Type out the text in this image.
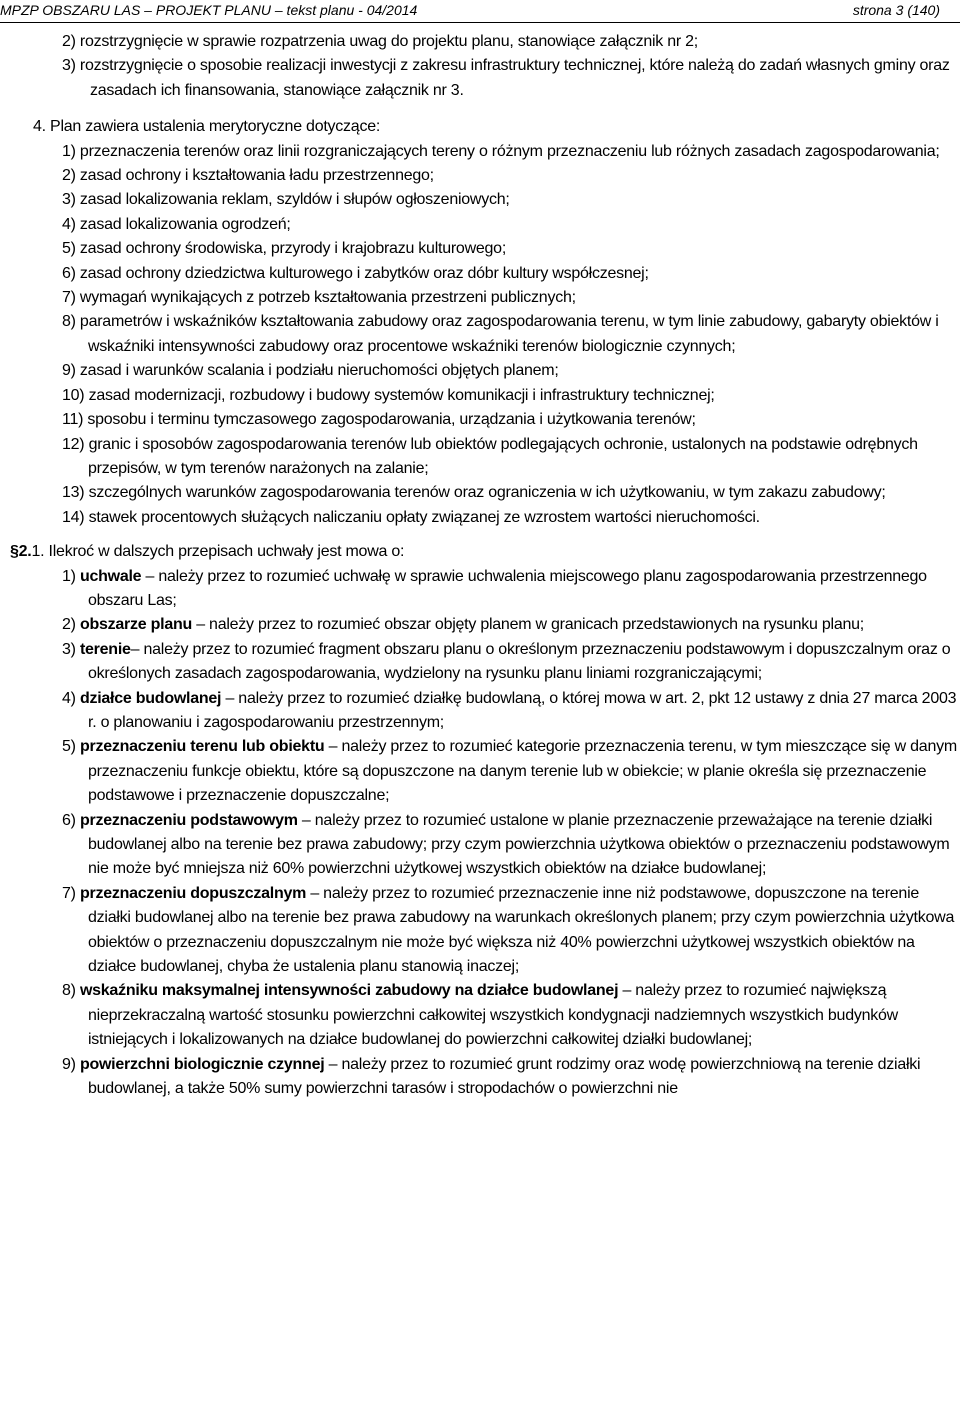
MPZP OBSZARU LAS – PROJEKT PLANU – tekst planu - 04/2014	strona 3 (140)

2) rozstrzygnięcie w sprawie rozpatrzenia uwag do projektu planu, stanowiące załącznik nr 2;

3) rozstrzygnięcie o sposobie realizacji inwestycji z zakresu infrastruktury technicznej, które należą do zadań własnych gminy oraz zasadach ich finansowania, stanowiące załącznik nr 3.

4. Plan zawiera ustalenia merytoryczne dotyczące:

1) przeznaczenia terenów oraz linii rozgraniczających tereny o różnym przeznaczeniu lub różnych zasadach zagospodarowania;

2) zasad ochrony i kształtowania ładu przestrzennego;

3) zasad lokalizowania reklam, szyldów i słupów ogłoszeniowych;

4) zasad lokalizowania ogrodzeń;

5) zasad ochrony środowiska, przyrody i krajobrazu kulturowego;

6) zasad ochrony dziedzictwa kulturowego i zabytków oraz dóbr kultury współczesnej;

7) wymagań wynikających z potrzeb kształtowania przestrzeni publicznych;

8) parametrów i wskaźników kształtowania zabudowy oraz zagospodarowania terenu, w tym linie zabudowy, gabaryty obiektów i wskaźniki intensywności zabudowy oraz procentowe wskaźniki terenów biologicznie czynnych;

9) zasad i warunków scalania i podziału nieruchomości objętych planem;

10) zasad modernizacji, rozbudowy i budowy systemów komunikacji i infrastruktury technicznej;

11) sposobu i terminu tymczasowego zagospodarowania, urządzania i użytkowania terenów;

12) granic i sposobów zagospodarowania terenów lub obiektów podlegających ochronie, ustalonych na podstawie odrębnych przepisów, w tym terenów narażonych na zalanie;

13) szczególnych warunków zagospodarowania terenów oraz ograniczenia w ich użytkowaniu, w tym zakazu zabudowy;

14) stawek procentowych służących naliczaniu opłaty związanej ze wzrostem wartości nieruchomości.

§2.1. Ilekroć w dalszych przepisach uchwały jest mowa o:

1) uchwale – należy przez to rozumieć uchwałę w sprawie uchwalenia miejscowego planu zagospodarowania przestrzennego obszaru Las;

2) obszarze planu – należy przez to rozumieć obszar objęty planem w granicach przedstawionych na rysunku planu;

3) terenie– należy przez to rozumieć fragment obszaru planu o określonym przeznaczeniu podstawowym i dopuszczalnym oraz o określonych zasadach zagospodarowania, wydzielony na rysunku planu liniami rozgraniczającymi;

4) działce budowlanej – należy przez to rozumieć działkę budowlaną, o której mowa w art. 2, pkt 12 ustawy z dnia 27 marca 2003 r. o planowaniu i zagospodarowaniu przestrzennym;

5) przeznaczeniu terenu lub obiektu – należy przez to rozumieć kategorie przeznaczenia terenu, w tym mieszczące się w danym przeznaczeniu funkcje obiektu, które są dopuszczone na danym terenie lub w obiekcie; w planie określa się przeznaczenie podstawowe i przeznaczenie dopuszczalne;

6) przeznaczeniu podstawowym – należy przez to rozumieć ustalone w planie przeznaczenie przeważające na terenie działki budowlanej albo na terenie bez prawa zabudowy; przy czym powierzchnia użytkowa obiektów o przeznaczeniu podstawowym nie może być mniejsza niż 60% powierzchni użytkowej wszystkich obiektów na działce budowlanej;

7) przeznaczeniu dopuszczalnym – należy przez to rozumieć przeznaczenie inne niż podstawowe, dopuszczone na terenie działki budowlanej albo na terenie bez prawa zabudowy na warunkach określonych planem; przy czym powierzchnia użytkowa obiektów o przeznaczeniu dopuszczalnym nie może być większa niż 40% powierzchni użytkowej wszystkich obiektów na działce budowlanej, chyba że ustalenia planu stanowią inaczej;

8) wskaźniku maksymalnej intensywności zabudowy na działce budowlanej – należy przez to rozumieć największą nieprzekraczalną wartość stosunku powierzchni całkowitej wszystkich kondygnacji nadziemnych wszystkich budynków istniejących i lokalizowanych na działce budowlanej do powierzchni całkowitej działki budowlanej;

9) powierzchni biologicznie czynnej – należy przez to rozumieć grunt rodzimy oraz wodę powierzchniową na terenie działki budowlanej, a także 50% sumy powierzchni tarasów i stropodachów o powierzchni nie
